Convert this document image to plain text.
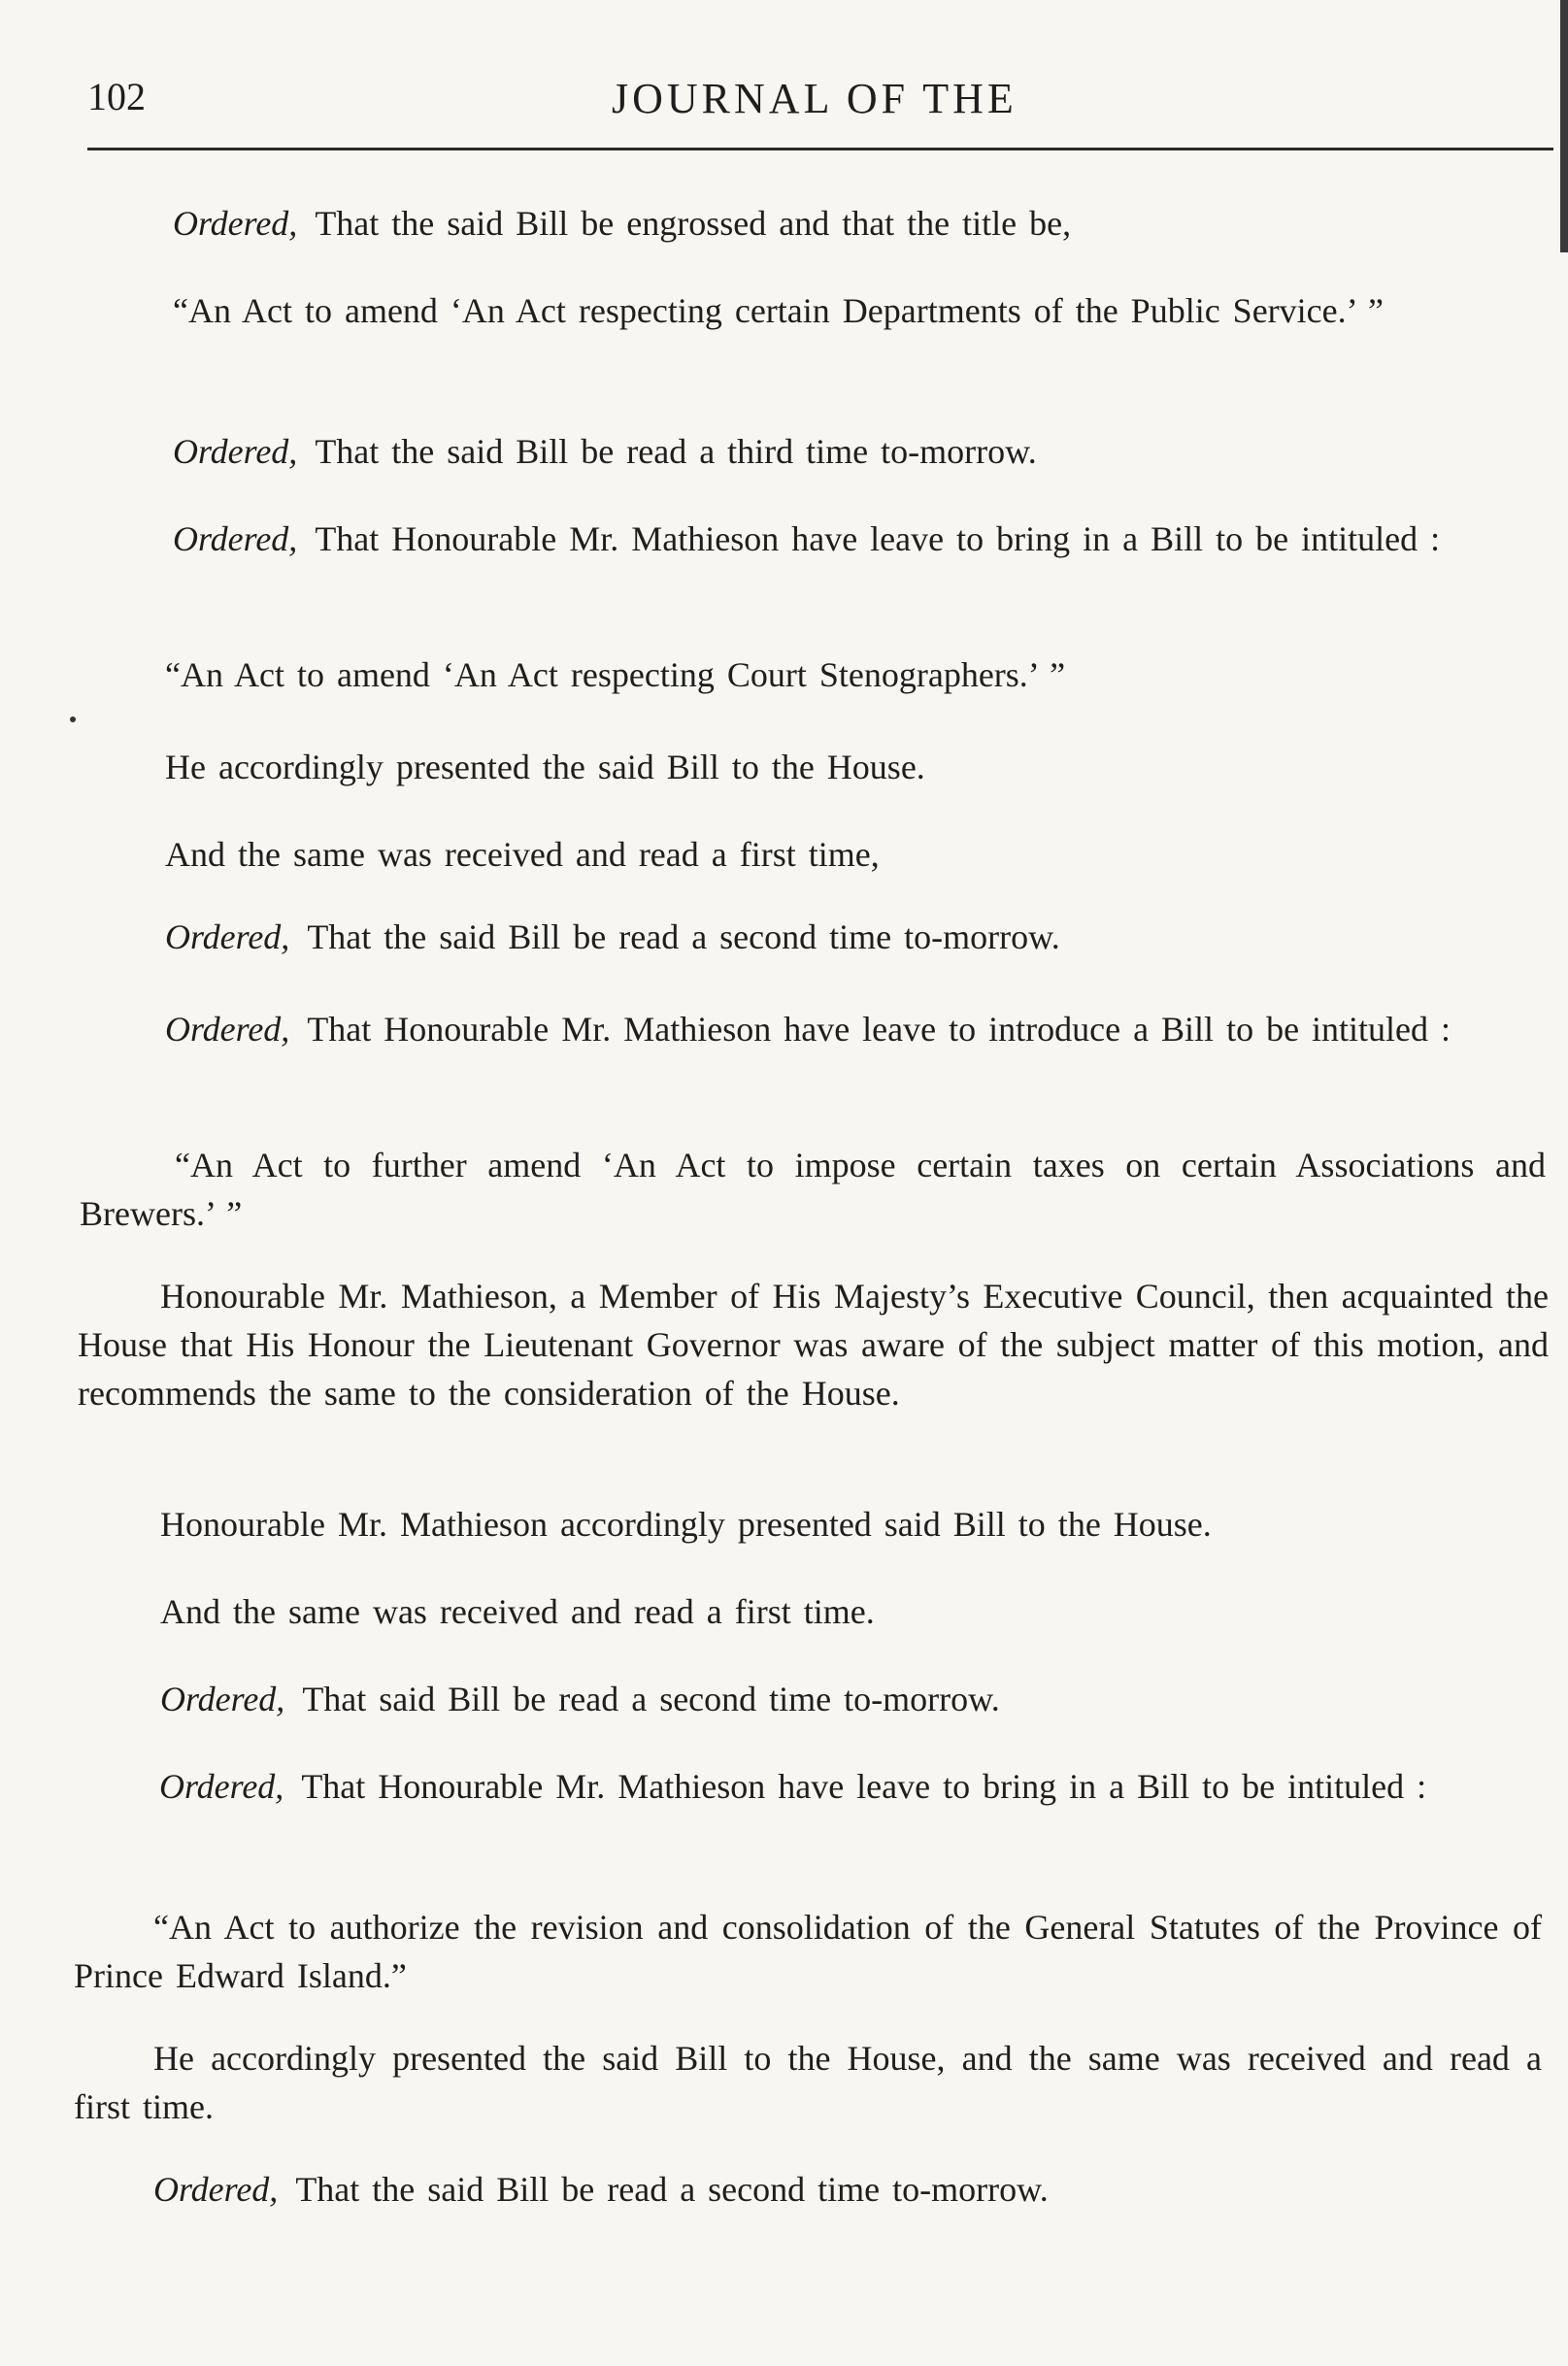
102	JOURNAL OF THE

Ordered, That the said Bill be engrossed and that the title be,

“An Act to amend ‘An Act respecting certain Departments of the Public Service.’ ”

Ordered, That the said Bill be read a third time to-morrow.

Ordered, That Honourable Mr. Mathieson have leave to bring in a Bill to be intituled :

“An Act to amend ‘An Act respecting Court Stenographers.’ ”

He accordingly presented the said Bill to the House.

And the same was received and read a first time,

Ordered, That the said Bill be read a second time to-morrow.

Ordered, That Honourable Mr. Mathieson have leave to introduce a Bill to be intituled :

“An Act to further amend ‘An Act to impose certain taxes on certain Associations and Brewers.’ ”

Honourable Mr. Mathieson, a Member of His Majesty’s Executive Council, then acquainted the House that His Honour the Lieutenant Governor was aware of the subject matter of this motion, and recommends the same to the consideration of the House.

Honourable Mr. Mathieson accordingly presented said Bill to the House.

And the same was received and read a first time.

Ordered, That said Bill be read a second time to-morrow.

Ordered, That Honourable Mr. Mathieson have leave to bring in a Bill to be intituled :

“An Act to authorize the revision and consolidation of the General Statutes of the Province of Prince Edward Island.”

He accordingly presented the said Bill to the House, and the same was received and read a first time.

Ordered, That the said Bill be read a second time to-morrow.
